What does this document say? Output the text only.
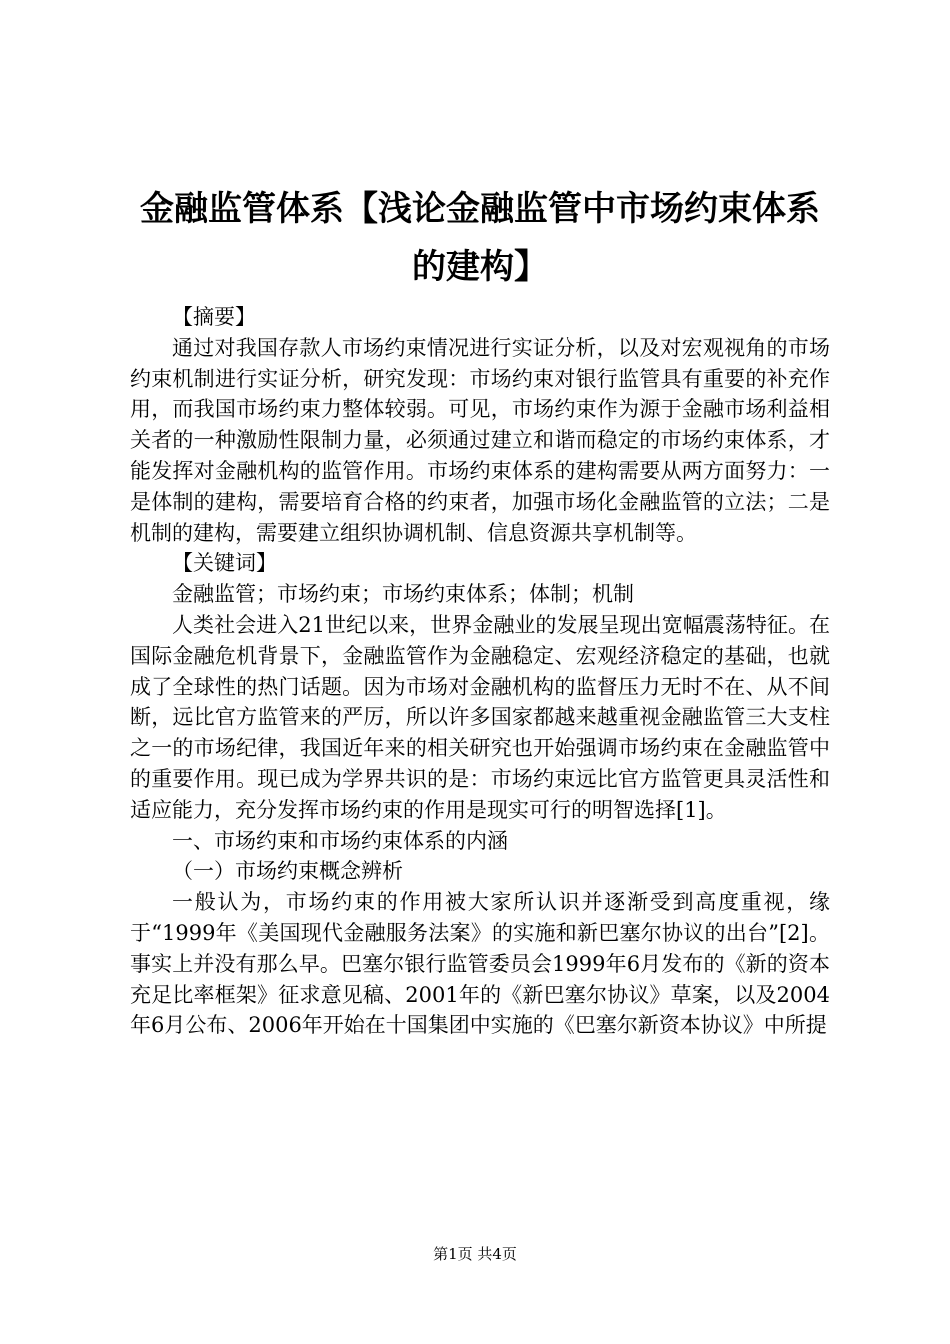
金融监管体系【浅论金融监管中市场约束体系的建构】

【摘要】

通过对我国存款人市场约束情况进行实证分析，以及对宏观视角的市场约束机制进行实证分析，研究发现：市场约束对银行监管具有重要的补充作用，而我国市场约束力整体较弱。可见，市场约束作为源于金融市场利益相关者的一种激励性限制力量，必须通过建立和谐而稳定的市场约束体系，才能发挥对金融机构的监管作用。市场约束体系的建构需要从两方面努力：一是体制的建构，需要培育合格的约束者，加强市场化金融监管的立法；二是机制的建构，需要建立组织协调机制、信息资源共享机制等。

【关键词】

金融监管；市场约束；市场约束体系；体制；机制

人类社会进入21世纪以来，世界金融业的发展呈现出宽幅震荡特征。在国际金融危机背景下，金融监管作为金融稳定、宏观经济稳定的基础，也就成了全球性的热门话题。因为市场对金融机构的监督压力无时不在、从不间断，远比官方监管来的严厉，所以许多国家都越来越重视金融监管三大支柱之一的市场纪律，我国近年来的相关研究也开始强调市场约束在金融监管中的重要作用。现已成为学界共识的是：市场约束远比官方监管更具灵活性和适应能力，充分发挥市场约束的作用是现实可行的明智选择[1]。

一、市场约束和市场约束体系的内涵

（一）市场约束概念辨析

一般认为，市场约束的作用被大家所认识并逐渐受到高度重视，缘于“1999年《美国现代金融服务法案》的实施和新巴塞尔协议的出台”[2]。事实上并没有那么早。巴塞尔银行监管委员会1999年6月发布的《新的资本充足比率框架》征求意见稿、2001年的《新巴塞尔协议》草案，以及2004年6月公布、2006年开始在十国集团中实施的《巴塞尔新资本协议》中所提

第1页 共4页
